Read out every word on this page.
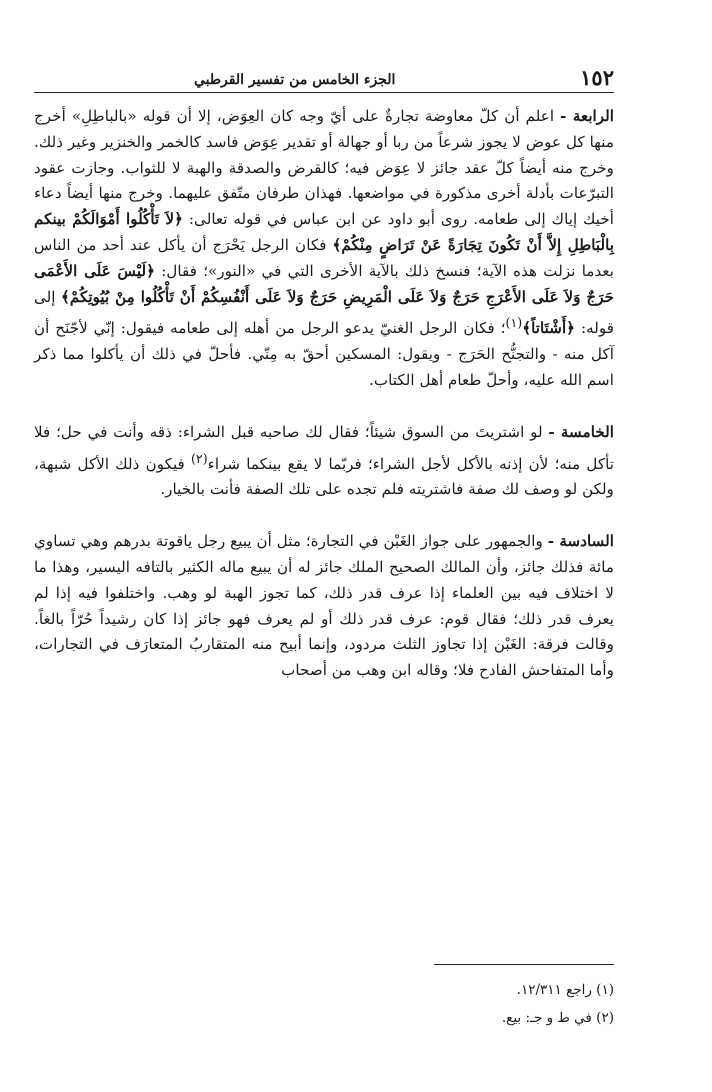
١٥٢
الجزء الخامس من تفسير القرطبي

الرابعة - اعلم أن كلّ معاوضة تجارةٌ على أيّ وجه كان العِوَض، إلا أن قوله «بالباطِلِ» أخرج منها كل عوض لا يجوز شرعاً من ربا أو جهالة أو تقدير عِوَض فاسد كالخمر والخنزير وغير ذلك. وخرج منه أيضاً كلّ عقد جائز لا عِوَض فيه؛ كالقرض والصدقة والهبة لا للثواب. وجازت عقود التبرّعات بأدلة أخرى مذكورة في مواضعها. فهذان طرفان متّفق عليهما. وخرج منها أيضاً دعاء أخيك إياك إلى طعامه. روى أبو داود عن ابن عباس في قوله تعالى: ﴿لاَ تَأْكُلُوا أَمْوَالَكُمْ بينكم بِالْبَاطِلِ إِلاَّ أَنْ تَكُونَ تِجَارَةً عَنْ تَرَاضٍ مِنْكُمْ﴾ فكان الرجل يَحْرَج أن يأكل عند أحد من الناس بعدما نزلت هذه الآية؛ فنسخ ذلك بالآية الأخرى التي في «النور»؛ فقال: ﴿لَيْسَ عَلَى الأَعْمَى حَرَجٌ وَلاَ عَلَى الأَعْرَجِ حَرَجٌ وَلاَ عَلَى الْمَرِيضِ حَرَجٌ وَلاَ عَلَى أَنْفُسِكُمْ أَنْ تَأْكُلُوا مِنْ بُيُوتِكُمْ﴾ إلى قوله: ﴿أَشْتَاتاً﴾$^{(١)}$؛ فكان الرجل الغنيّ يدعو الرجل من أهله إلى طعامه فيقول: إنّي لأجّنَح أن آكل منه - والتجنُّح الحَرَج - ويقول: المسكين أحقّ به مِنّي. فأحلّ في ذلك أن يأكلوا مما ذكر اسم الله عليه، وأحلّ طعام أهل الكتاب.

الخامسة - لو اشتريتَ من السوق شيئاً؛ فقال لك صاحبه قبل الشراء: ذقه وأنت في حل؛ فلا تأكل منه؛ لأن إذنه بالأكل لأجل الشراء؛ فربّما لا يقع بينكما شراء$^{(٢)}$ فيكون ذلك الأكل شبهة، ولكن لو وصف لك صفة فاشتريته فلم تجده على تلك الصفة فأنت بالخيار.

السادسة - والجمهور على جواز الغَبْن في التجارة؛ مثل أن يبيع رجل ياقوتة بدرهم وهي تساوي مائة فذلك جائز، وأن المالك الصحيح الملك جائز له أن يبيع ماله الكثير بالتافه اليسير، وهذا ما لا اختلاف فيه بين العلماء إذا عرف قدر ذلك، كما تجوز الهبة لو وهب. واختلفوا فيه إذا لم يعرف قدر ذلك؛ فقال قوم: عرف قدر ذلك أو لم يعرف فهو جائز إذا كان رشيداً حُرّاً بالغاً. وقالت فرقة: الغَبْن إذا تجاوز الثلث مردود، وإنما أبيح منه المتقاربُ المتعارَف في التجارات، وأما المتفاحش الفادح فلا؛ وقاله ابن وهب من أصحاب

(١) راجع ١٢/٣١١.

(٢) في ط و جـ: بيع.
